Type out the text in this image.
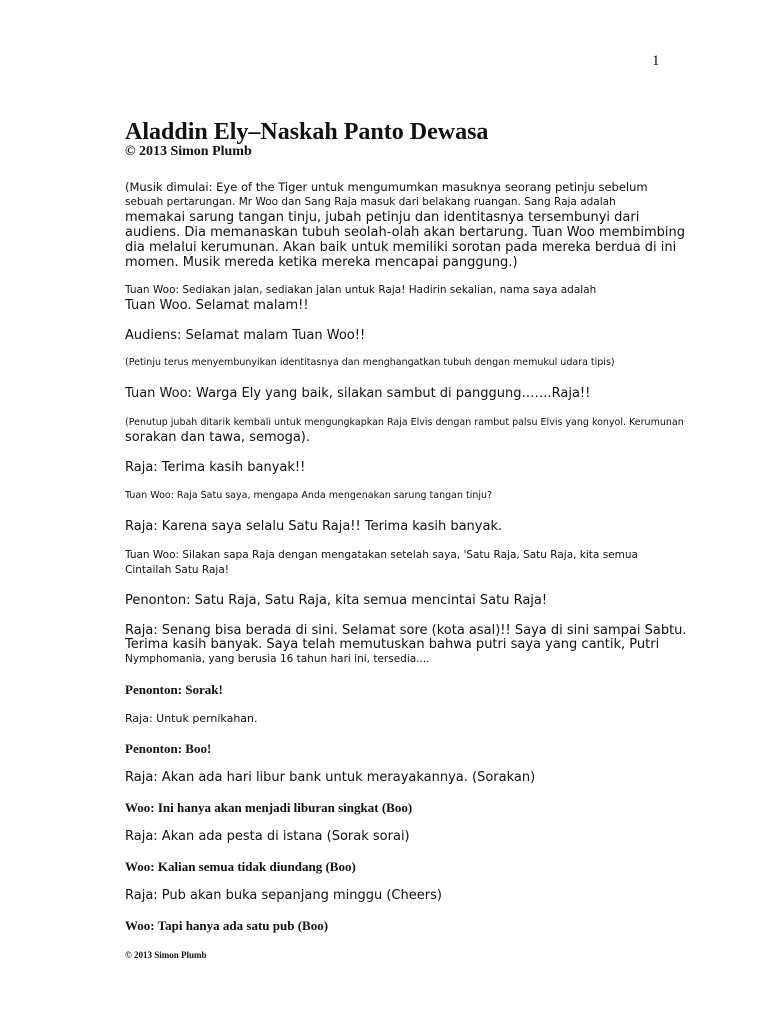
1
Aladdin Ely–Naskah Panto Dewasa
© 2013 Simon Plumb
(Musik dimulai: Eye of the Tiger untuk mengumumkan masuknya seorang petinju sebelum
sebuah pertarungan. Mr Woo dan Sang Raja masuk dari belakang ruangan. Sang Raja adalah
memakai sarung tangan tinju, jubah petinju dan identitasnya tersembunyi dari
audiens. Dia memanaskan tubuh seolah-olah akan bertarung. Tuan Woo membimbing
dia melalui kerumunan. Akan baik untuk memiliki sorotan pada mereka berdua di ini
momen. Musik mereda ketika mereka mencapai panggung.)
Tuan Woo: Sediakan jalan, sediakan jalan untuk Raja! Hadirin sekalian, nama saya adalah
Tuan Woo. Selamat malam!!
Audiens: Selamat malam Tuan Woo!!
(Petinju terus menyembunyikan identitasnya dan menghangatkan tubuh dengan memukul udara tipis)
Tuan Woo: Warga Ely yang baik, silakan sambut di panggung…….Raja!!
(Penutup jubah ditarik kembali untuk mengungkapkan Raja Elvis dengan rambut palsu Elvis yang konyol. Kerumunan
sorakan dan tawa, semoga).
Raja: Terima kasih banyak!!
Tuan Woo: Raja Satu saya, mengapa Anda mengenakan sarung tangan tinju?
Raja: Karena saya selalu Satu Raja!! Terima kasih banyak.
Tuan Woo: Silakan sapa Raja dengan mengatakan setelah saya, 'Satu Raja, Satu Raja, kita semua
Cintailah Satu Raja!
Penonton: Satu Raja, Satu Raja, kita semua mencintai Satu Raja!
Raja: Senang bisa berada di sini. Selamat sore (kota asal)!! Saya di sini sampai Sabtu.
Terima kasih banyak. Saya telah memutuskan bahwa putri saya yang cantik, Putri
Nymphomania, yang berusia 16 tahun hari ini, tersedia....
Penonton: Sorak!
Raja: Untuk pernikahan.
Penonton: Boo!
Raja: Akan ada hari libur bank untuk merayakannya. (Sorakan)
Woo: Ini hanya akan menjadi liburan singkat (Boo)
Raja: Akan ada pesta di istana (Sorak sorai)
Woo: Kalian semua tidak diundang (Boo)
Raja: Pub akan buka sepanjang minggu (Cheers)
Woo: Tapi hanya ada satu pub (Boo)
© 2013 Simon Plumb
